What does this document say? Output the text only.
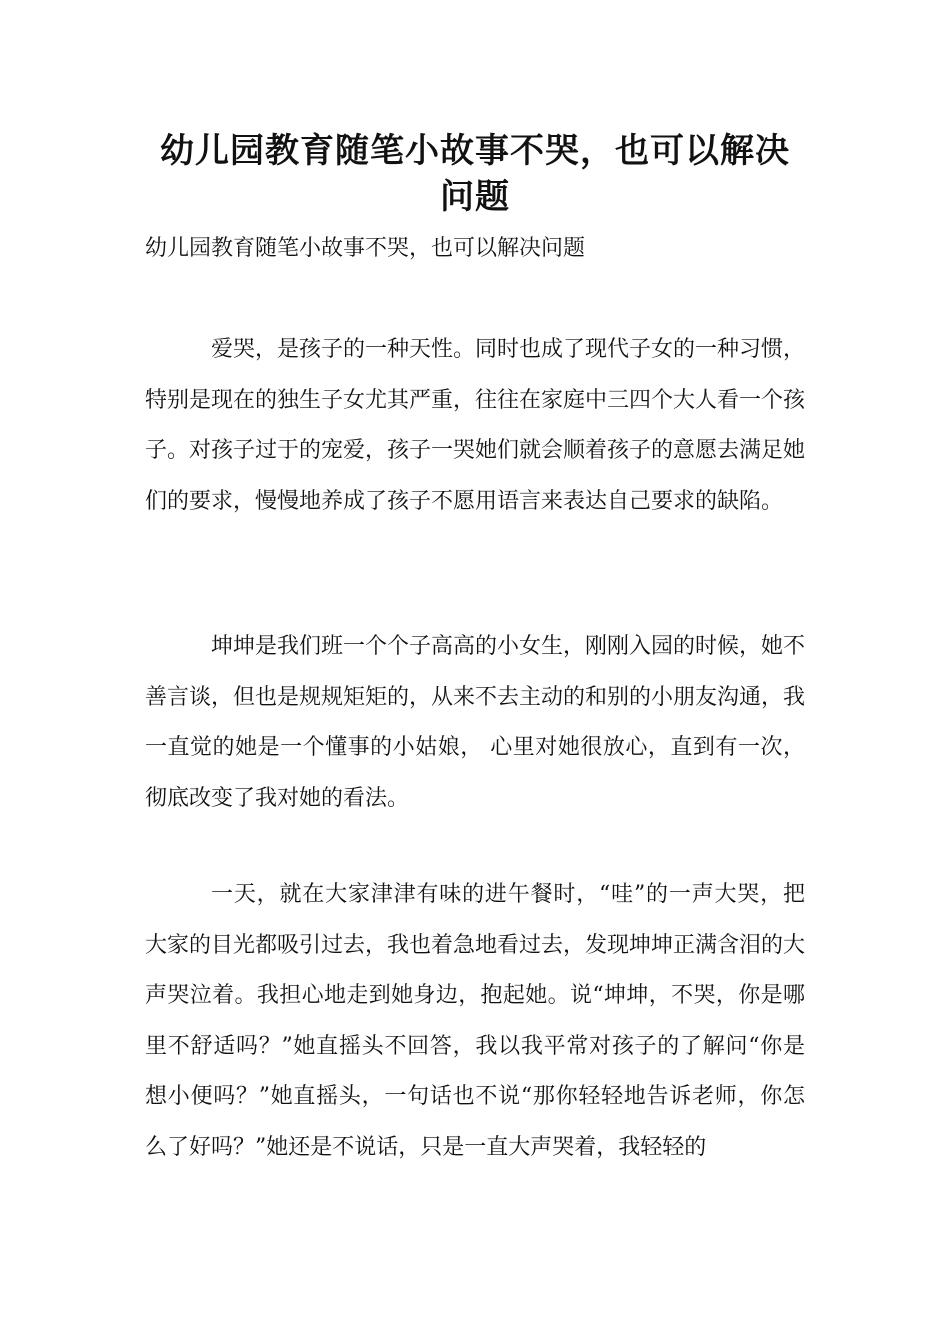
幼儿园教育随笔小故事不哭，也可以解决问题

幼儿园教育随笔小故事不哭，也可以解决问题

爱哭，是孩子的一种天性。同时也成了现代子女的一种习惯，特别是现在的独生子女尤其严重，往往在家庭中三四个大人看一个孩子。对孩子过于的宠爱，孩子一哭她们就会顺着孩子的意愿去满足她们的要求，慢慢地养成了孩子不愿用语言来表达自己要求的缺陷。

坤坤是我们班一个个子高高的小女生，刚刚入园的时候，她不善言谈，但也是规规矩矩的，从来不去主动的和别的小朋友沟通，我一直觉的她是一个懂事的小姑娘， 心里对她很放心，直到有一次，彻底改变了我对她的看法。

一天，就在大家津津有味的进午餐时，“哇”的一声大哭，把大家的目光都吸引过去，我也着急地看过去，发现坤坤正满含泪的大声哭泣着。我担心地走到她身边，抱起她。说“坤坤，不哭，你是哪里不舒适吗？”她直摇头不回答，我以我平常对孩子的了解问“你是想小便吗？”她直摇头，一句话也不说“那你轻轻地告诉老师，你怎么了好吗？”她还是不说话，只是一直大声哭着，我轻轻的
